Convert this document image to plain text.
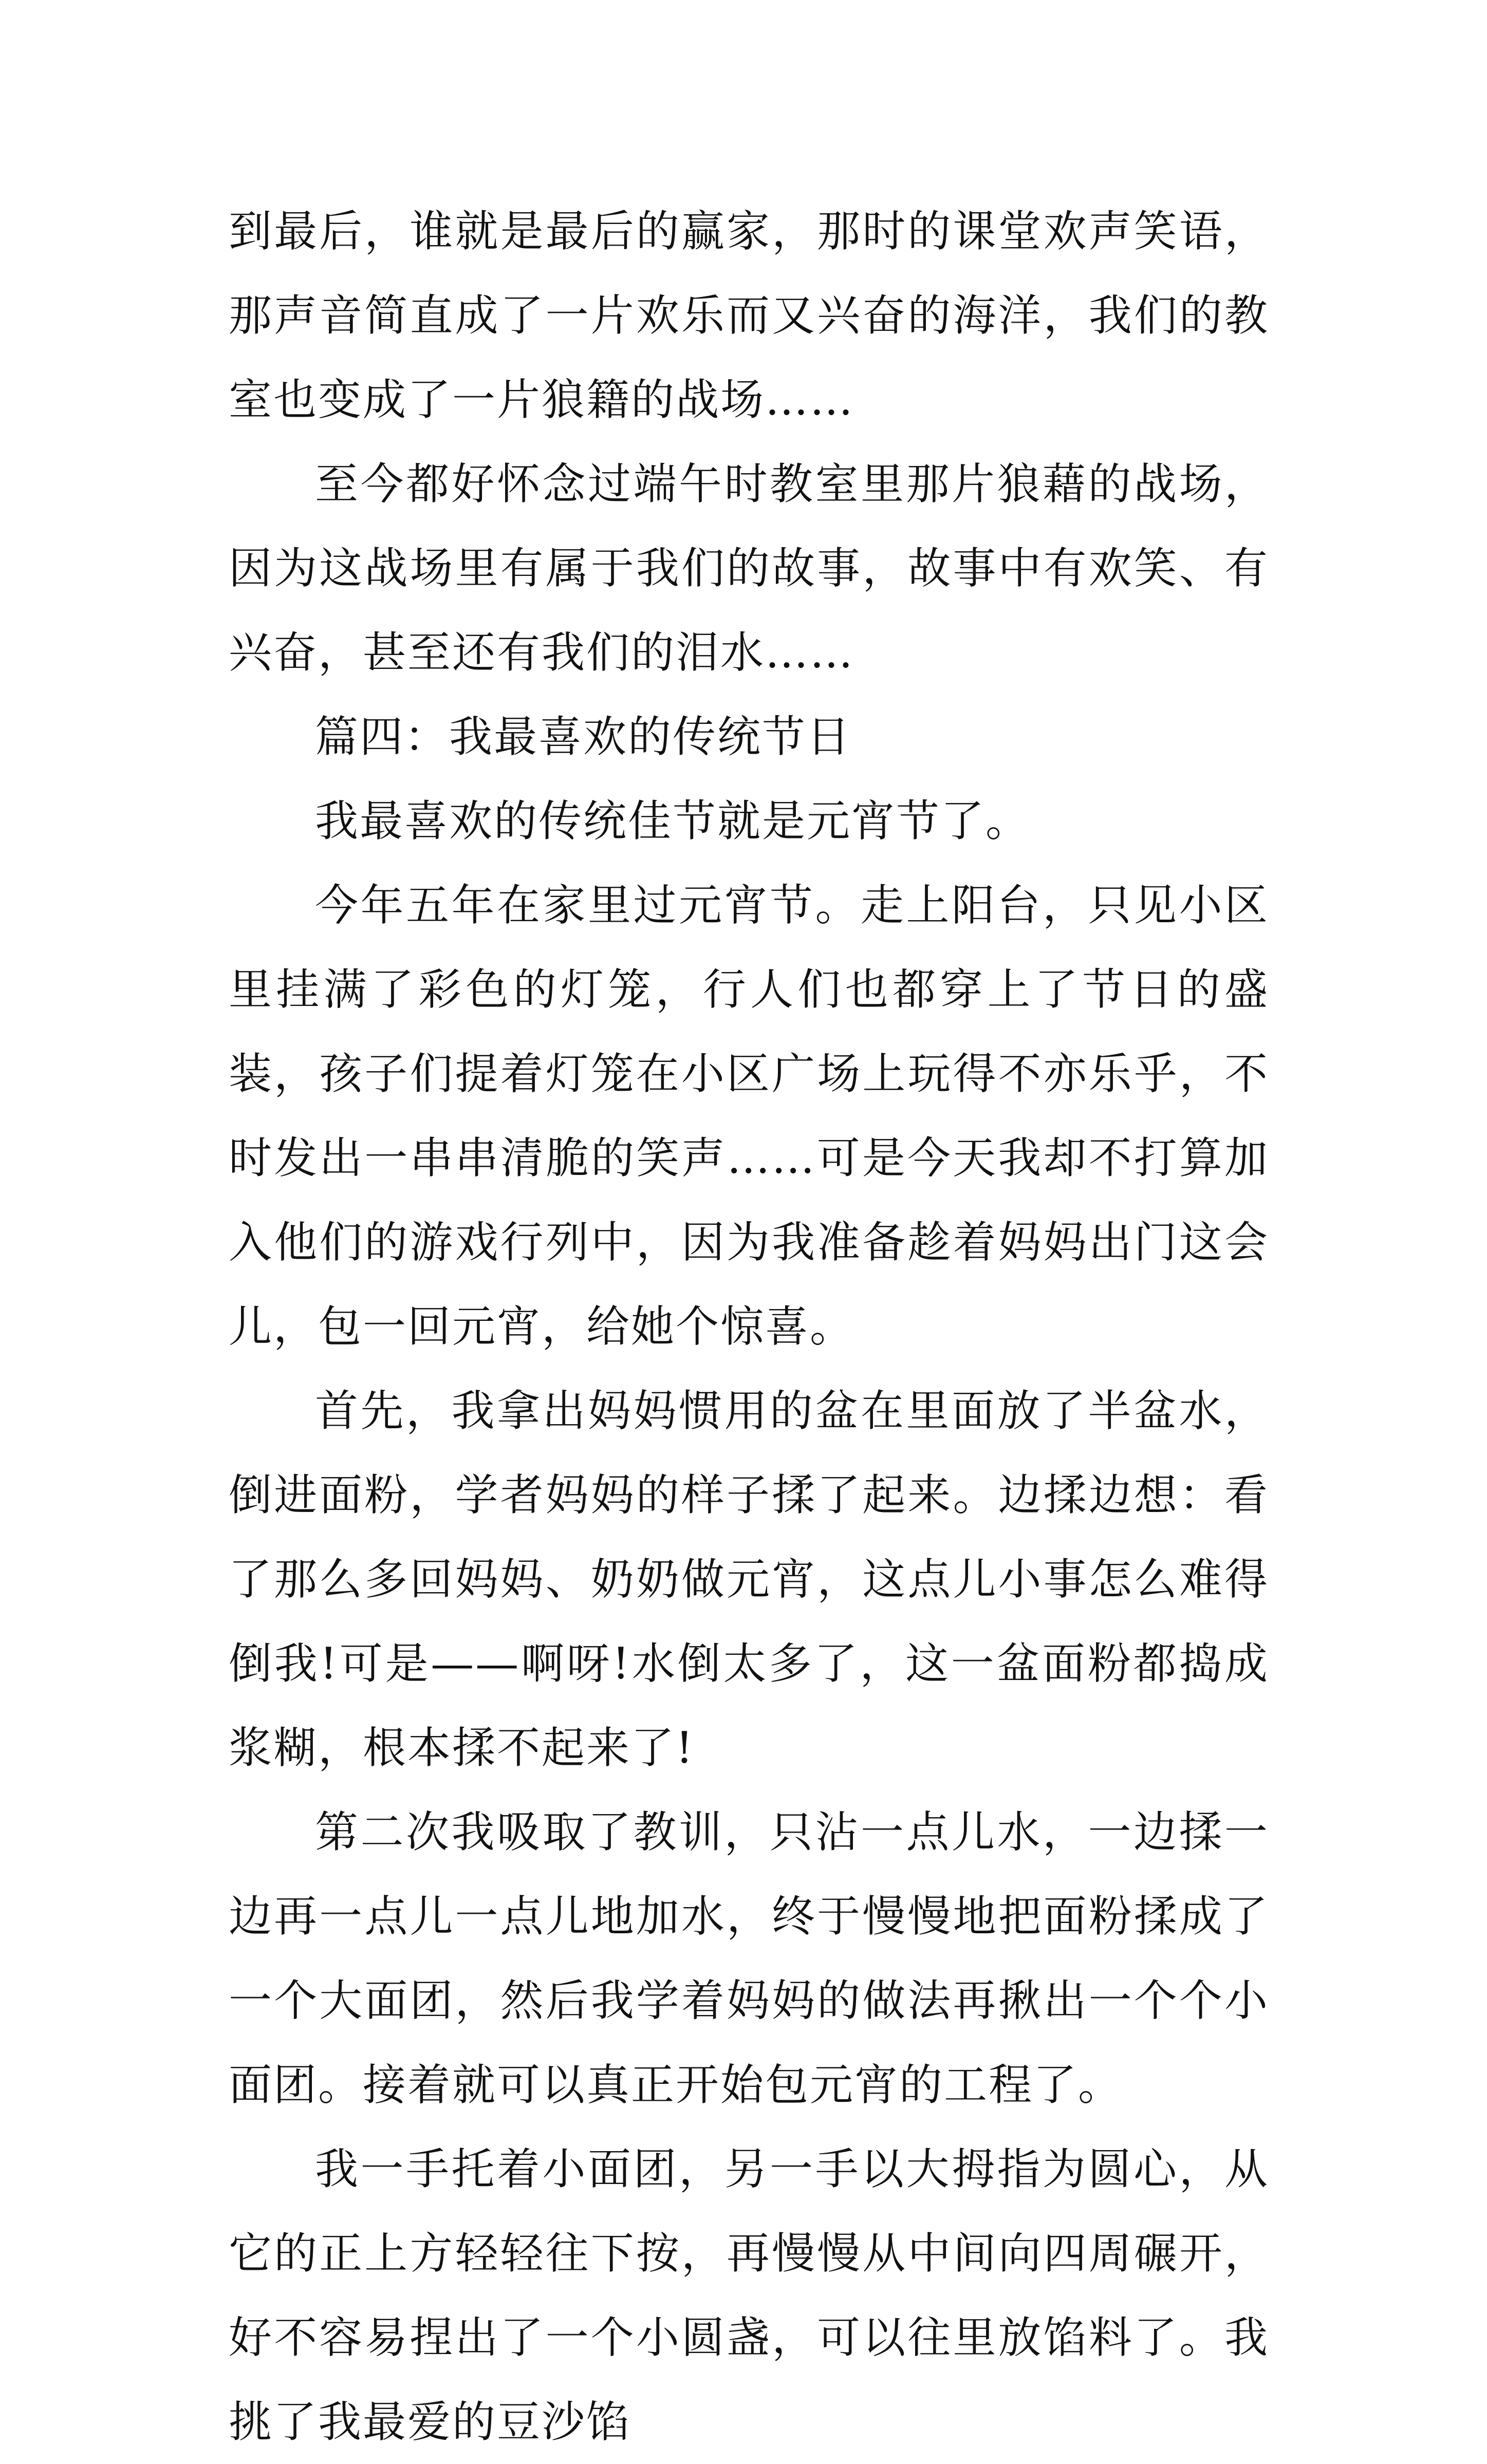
到最后，谁就是最后的赢家，那时的课堂欢声笑语，那声音简直成了一片欢乐而又兴奋的海洋，我们的教室也变成了一片狼籍的战场……

至今都好怀念过端午时教室里那片狼藉的战场，因为这战场里有属于我们的故事，故事中有欢笑、有兴奋，甚至还有我们的泪水……

篇四：我最喜欢的传统节日

我最喜欢的传统佳节就是元宵节了。

今年五年在家里过元宵节。走上阳台，只见小区里挂满了彩色的灯笼，行人们也都穿上了节日的盛装，孩子们提着灯笼在小区广场上玩得不亦乐乎，不时发出一串串清脆的笑声……可是今天我却不打算加入他们的游戏行列中，因为我准备趁着妈妈出门这会儿，包一回元宵，给她个惊喜。

首先，我拿出妈妈惯用的盆在里面放了半盆水，倒进面粉，学者妈妈的样子揉了起来。边揉边想：看了那么多回妈妈、奶奶做元宵，这点儿小事怎么难得倒我!可是——啊呀!水倒太多了，这一盆面粉都捣成浆糊，根本揉不起来了!

第二次我吸取了教训，只沾一点儿水，一边揉一边再一点儿一点儿地加水，终于慢慢地把面粉揉成了一个大面团，然后我学着妈妈的做法再揪出一个个小面团。接着就可以真正开始包元宵的工程了。

我一手托着小面团，另一手以大拇指为圆心，从它的正上方轻轻往下按，再慢慢从中间向四周碾开，好不容易捏出了一个小圆盏，可以往里放馅料了。我挑了我最爱的豆沙馅
